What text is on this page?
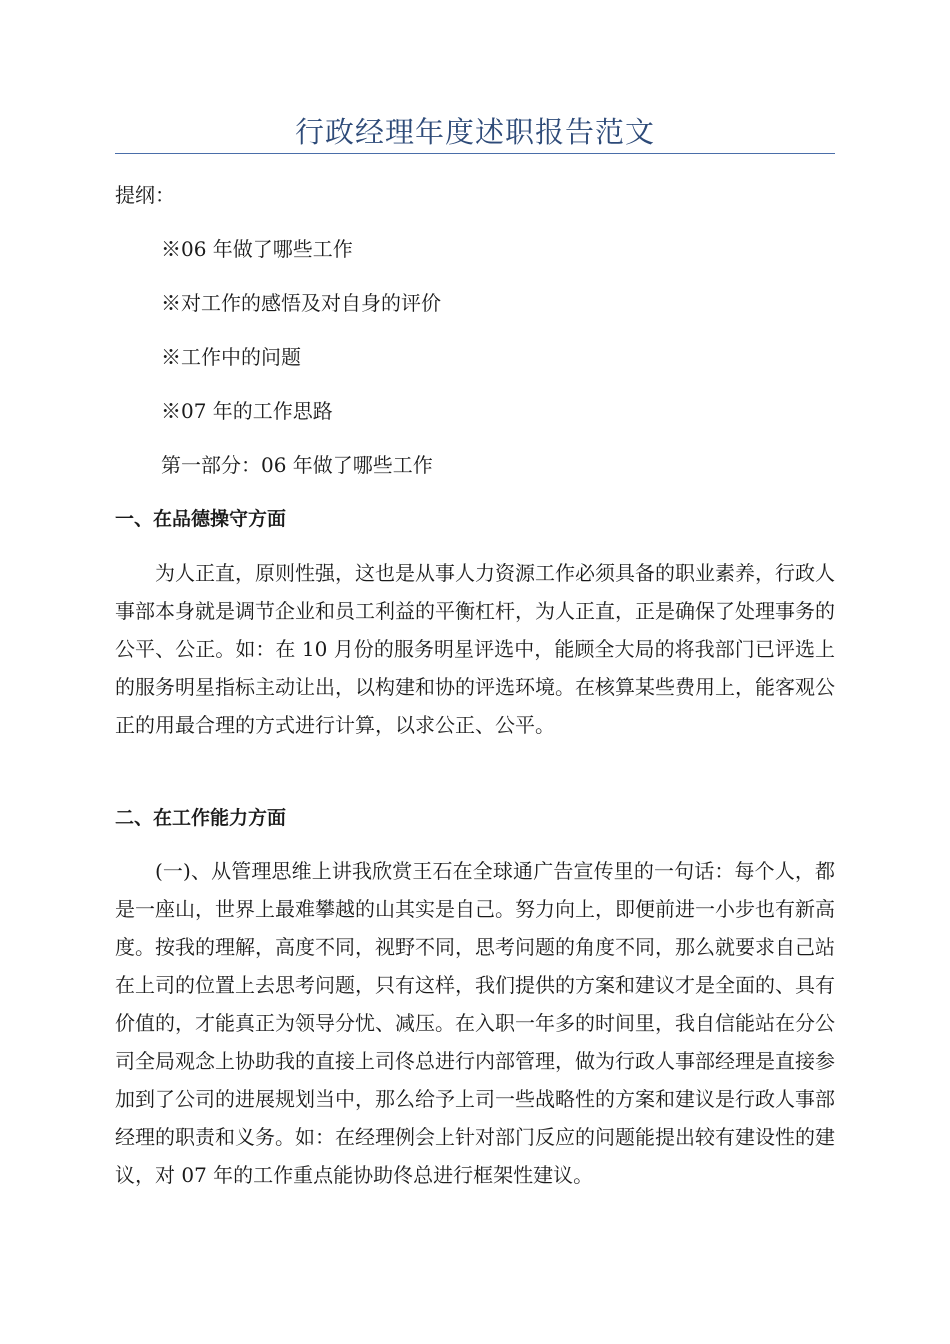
行政经理年度述职报告范文
提纲：
※06 年做了哪些工作
※对工作的感悟及对自身的评价
※工作中的问题
※07 年的工作思路
第一部分：06 年做了哪些工作
一、在品德操守方面

为人正直，原则性强，这也是从事人力资源工作必须具备的职业素养，行政人事部本身就是调节企业和员工利益的平衡杠杆，为人正直，正是确保了处理事务的公平、公正。如：在 10 月份的服务明星评选中，能顾全大局的将我部门已评选上的服务明星指标主动让出，以构建和协的评选环境。在核算某些费用上，能客观公正的用最合理的方式进行计算，以求公正、公平。

二、在工作能力方面

(一)、从管理思维上讲我欣赏王石在全球通广告宣传里的一句话：每个人，都是一座山，世界上最难攀越的山其实是自己。努力向上，即便前进一小步也有新高度。按我的理解，高度不同，视野不同，思考问题的角度不同，那么就要求自己站在上司的位置上去思考问题，只有这样，我们提供的方案和建议才是全面的、具有价值的，才能真正为领导分忧、减压。在入职一年多的时间里，我自信能站在分公司全局观念上协助我的直接上司佟总进行内部管理，做为行政人事部经理是直接参加到了公司的进展规划当中，那么给予上司一些战略性的方案和建议是行政人事部经理的职责和义务。如：在经理例会上针对部门反应的问题能提出较有建设性的建议，对 07 年的工作重点能协助佟总进行框架性建议。
